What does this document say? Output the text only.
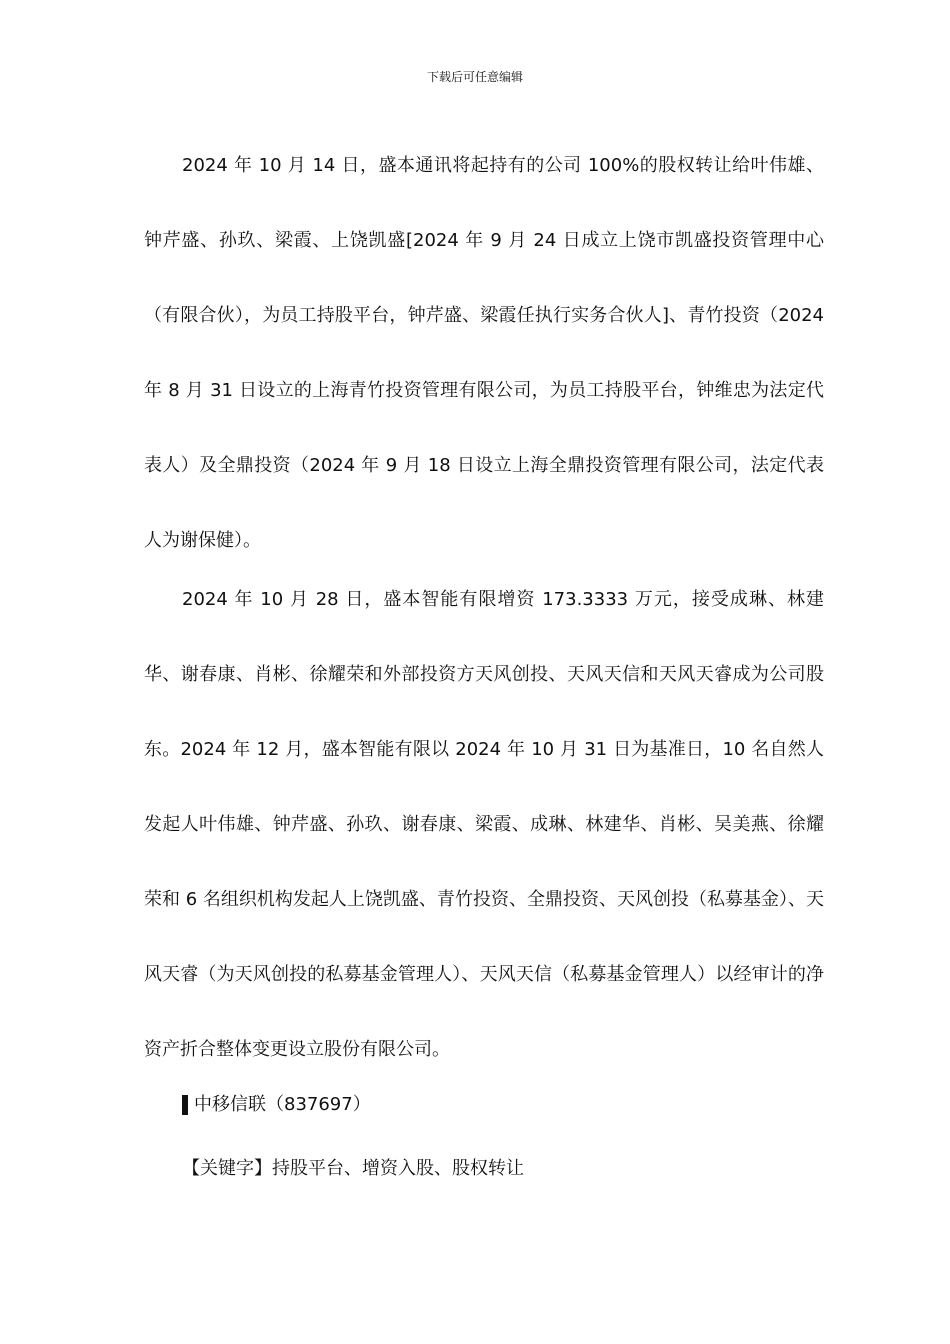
下载后可任意编辑

2024 年 10 月 14 日，盛本通讯将起持有的公司 100%的股权转让给叶伟雄、钟芹盛、孙玖、梁霞、上饶凯盛[2024 年 9 月 24 日成立上饶市凯盛投资管理中心（有限合伙），为员工持股平台，钟芹盛、梁霞任执行实务合伙人]、青竹投资（2024 年 8 月 31 日设立的上海青竹投资管理有限公司，为员工持股平台，钟维忠为法定代表人）及全鼎投资（2024 年 9 月 18 日设立上海全鼎投资管理有限公司，法定代表人为谢保健）。

2024 年 10 月 28 日，盛本智能有限增资 173.3333 万元，接受成琳、林建华、谢春康、肖彬、徐耀荣和外部投资方天风创投、天风天信和天风天睿成为公司股东。2024 年 12 月，盛本智能有限以 2024 年 10 月 31 日为基准日，10 名自然人发起人叶伟雄、钟芹盛、孙玖、谢春康、梁霞、成琳、林建华、肖彬、吴美燕、徐耀荣和 6 名组织机构发起人上饶凯盛、青竹投资、全鼎投资、天风创投（私募基金）、天风天睿（为天风创投的私募基金管理人）、天风天信（私募基金管理人）以经审计的净资产折合整体变更设立股份有限公司。

中移信联（837697）

【关键字】持股平台、增资入股、股权转让
